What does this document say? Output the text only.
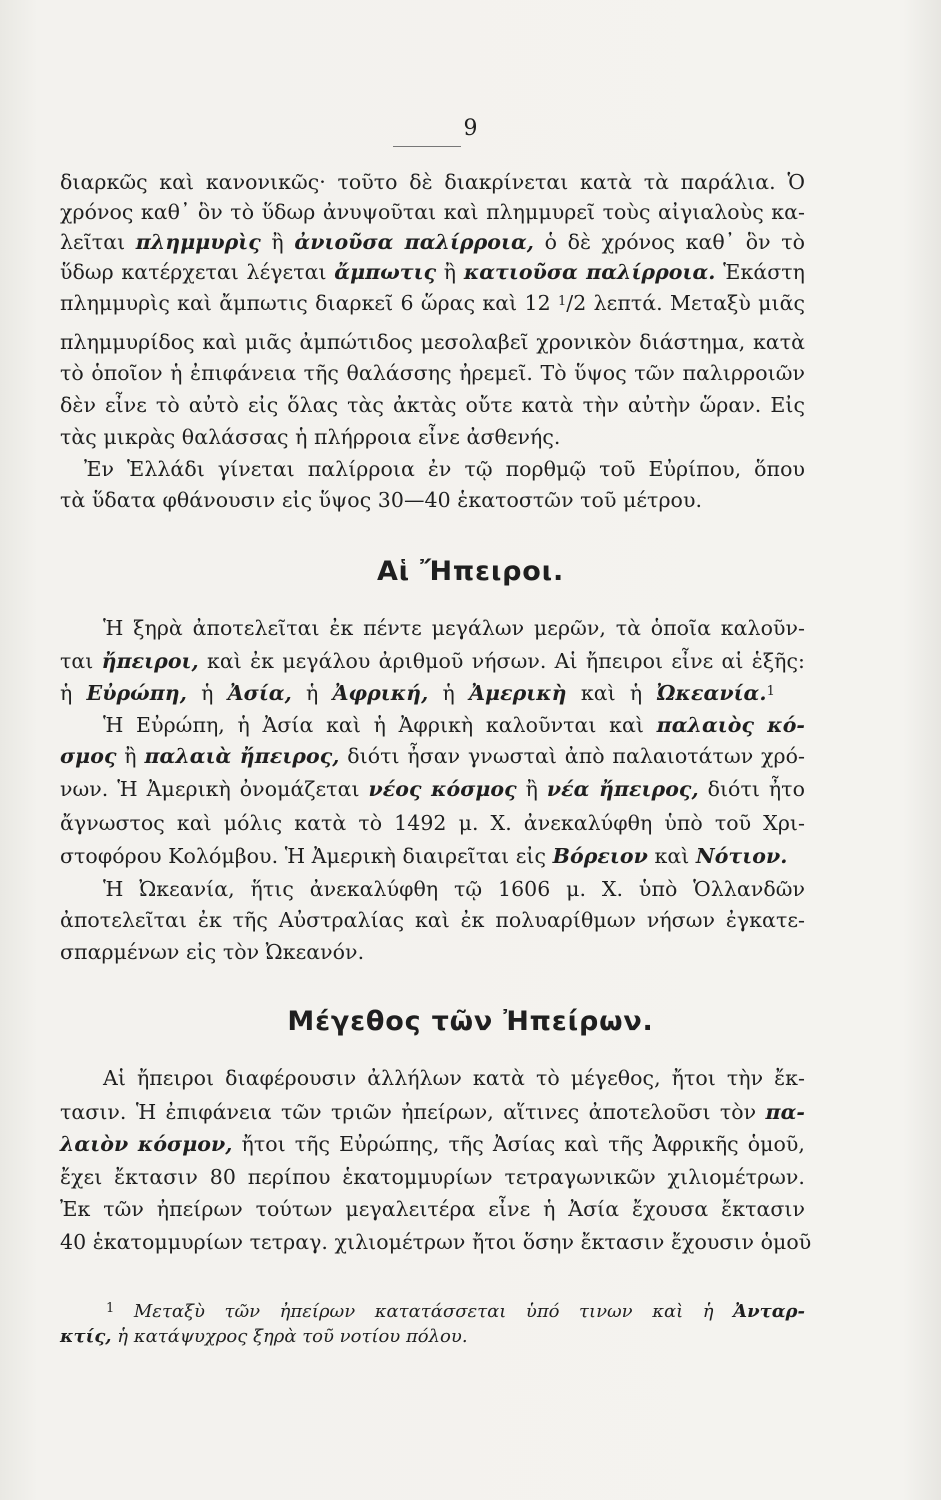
9
διαρκῶς καὶ κανονικῶς· τοῦτο δὲ διακρίνεται κατὰ τὰ παράλια. Ὁ
χρόνος καθ᾽ ὃν τὸ ὕδωρ ἀνυψοῦται καὶ πλημμυρεῖ τοὺς αἰγιαλοὺς κα-
λεῖται πλημμυρὶς ἢ ἀνιοῦσα παλίρροια, ὁ δὲ χρόνος καθ᾽ ὃν τὸ
ὕδωρ κατέρχεται λέγεται ἄμπωτις ἢ κατιοῦσα παλίρροια. Ἑκάστη
πλημμυρὶς καὶ ἄμπωτις διαρκεῖ 6 ὥρας καὶ 12 $^1$/2 λεπτά. Μεταξὺ μιᾶς
πλημμυρίδος καὶ μιᾶς ἀμπώτιδος μεσολαβεῖ χρονικὸν διάστημα, κατὰ
τὸ ὁποῖον ἡ ἐπιφάνεια τῆς θαλάσσης ἠρεμεῖ. Τὸ ὕψος τῶν παλιρροιῶν
δὲν εἶνε τὸ αὐτὸ εἰς ὅλας τὰς ἀκτὰς οὔτε κατὰ τὴν αὐτὴν ὥραν. Εἰς
τὰς μικρὰς θαλάσσας ἡ πλήρροια εἶνε ἀσθενής.
Ἐν Ἑλλάδι γίνεται παλίρροια ἐν τῷ πορθμῷ τοῦ Εὐρίπου, ὅπου
τὰ ὕδατα φθάνουσιν εἰς ὕψος 30—40 ἑκατοστῶν τοῦ μέτρου.
Αἱ Ἤπειροι.
Ἡ ξηρὰ ἀποτελεῖται ἐκ πέντε μεγάλων μερῶν, τὰ ὁποῖα καλοῦν-
ται ἤπειροι, καὶ ἐκ μεγάλου ἀριθμοῦ νήσων. Αἱ ἤπειροι εἶνε αἱ ἑξῆς:
ἡ Εὐρώπη, ἡ Ἀσία, ἡ Ἀφρική, ἡ Ἀμερικὴ καὶ ἡ Ὠκεανία.$^1$
Ἡ Εὐρώπη, ἡ Ἀσία καὶ ἡ Ἀφρικὴ καλοῦνται καὶ παλαιὸς κό-
σμος ἢ παλαιὰ ἤπειρος, διότι ἦσαν γνωσταὶ ἀπὸ παλαιοτάτων χρό-
νων. Ἡ Ἀμερικὴ ὀνομάζεται νέος κόσμος ἢ νέα ἤπειρος, διότι ἦτο
ἄγνωστος καὶ μόλις κατὰ τὸ 1492 μ. Χ. ἀνεκαλύφθη ὑπὸ τοῦ Χρι-
στοφόρου Κολόμβου. Ἡ Ἀμερικὴ διαιρεῖται εἰς Βόρειον καὶ Νότιον.
Ἡ Ὠκεανία, ἥτις ἀνεκαλύφθη τῷ 1606 μ. Χ. ὑπὸ Ὁλλανδῶν
ἀποτελεῖται ἐκ τῆς Αὐστραλίας καὶ ἐκ πολυαρίθμων νήσων ἐγκατε-
σπαρμένων εἰς τὸν Ὠκεανόν.
Μέγεθος τῶν Ἠπείρων.
Αἱ ἤπειροι διαφέρουσιν ἀλλήλων κατὰ τὸ μέγεθος, ἤτοι τὴν ἔκ-
τασιν. Ἡ ἐπιφάνεια τῶν τριῶν ἠπείρων, αἵτινες ἀποτελοῦσι τὸν πα-
λαιὸν κόσμον, ἤτοι τῆς Εὐρώπης, τῆς Ἀσίας καὶ τῆς Ἀφρικῆς ὁμοῦ,
ἔχει ἔκτασιν 80 περίπου ἑκατομμυρίων τετραγωνικῶν χιλιομέτρων.
Ἐκ τῶν ἠπείρων τούτων μεγαλειτέρα εἶνε ἡ Ἀσία ἔχουσα ἔκτασιν
40 ἑκατομμυρίων τετραγ. χιλιομέτρων ἤτοι ὅσην ἔκτασιν ἔχουσιν ὁμοῦ
$^1$ Μεταξὺ τῶν ἠπείρων κατατάσσεται ὑπό τινων καὶ ἡ Ἀνταρ-
κτίς, ἡ κατάψυχρος ξηρὰ τοῦ νοτίου πόλου.
